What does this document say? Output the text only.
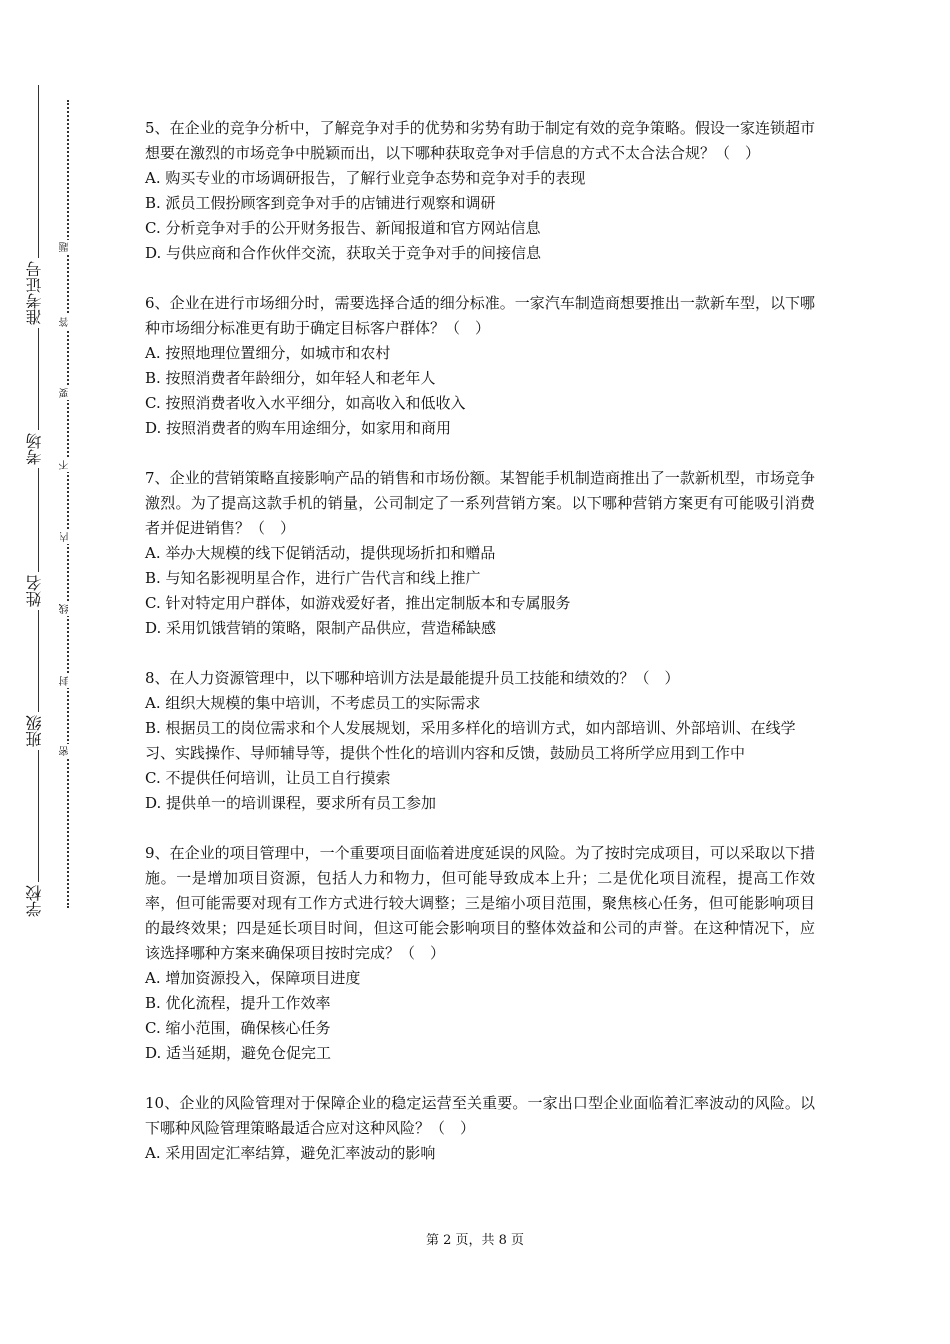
准考证号
考场
姓名
班级
学校
题
答
要
不
内
线
封
密

5、在企业的竞争分析中，了解竞争对手的优势和劣势有助于制定有效的竞争策略。假设一家连锁超市想要在激烈的市场竞争中脱颖而出，以下哪种获取竞争对手信息的方式不太合法合规？（　）

A. 购买专业的市场调研报告，了解行业竞争态势和竞争对手的表现

B. 派员工假扮顾客到竞争对手的店铺进行观察和调研

C. 分析竞争对手的公开财务报告、新闻报道和官方网站信息

D. 与供应商和合作伙伴交流，获取关于竞争对手的间接信息

6、企业在进行市场细分时，需要选择合适的细分标准。一家汽车制造商想要推出一款新车型，以下哪种市场细分标准更有助于确定目标客户群体？（　）

A. 按照地理位置细分，如城市和农村

B. 按照消费者年龄细分，如年轻人和老年人

C. 按照消费者收入水平细分，如高收入和低收入

D. 按照消费者的购车用途细分，如家用和商用

7、企业的营销策略直接影响产品的销售和市场份额。某智能手机制造商推出了一款新机型，市场竞争激烈。为了提高这款手机的销量，公司制定了一系列营销方案。以下哪种营销方案更有可能吸引消费者并促进销售？（　）

A. 举办大规模的线下促销活动，提供现场折扣和赠品

B. 与知名影视明星合作，进行广告代言和线上推广

C. 针对特定用户群体，如游戏爱好者，推出定制版本和专属服务

D. 采用饥饿营销的策略，限制产品供应，营造稀缺感

8、在人力资源管理中，以下哪种培训方法是最能提升员工技能和绩效的？（　）

A. 组织大规模的集中培训，不考虑员工的实际需求

B. 根据员工的岗位需求和个人发展规划，采用多样化的培训方式，如内部培训、外部培训、在线学习、实践操作、导师辅导等，提供个性化的培训内容和反馈，鼓励员工将所学应用到工作中

C. 不提供任何培训，让员工自行摸索

D. 提供单一的培训课程，要求所有员工参加

9、在企业的项目管理中，一个重要项目面临着进度延误的风险。为了按时完成项目，可以采取以下措施。一是增加项目资源，包括人力和物力，但可能导致成本上升；二是优化项目流程，提高工作效率，但可能需要对现有工作方式进行较大调整；三是缩小项目范围，聚焦核心任务，但可能影响项目的最终效果；四是延长项目时间，但这可能会影响项目的整体效益和公司的声誉。在这种情况下，应该选择哪种方案来确保项目按时完成？（　）

A. 增加资源投入，保障项目进度

B. 优化流程，提升工作效率

C. 缩小范围，确保核心任务

D. 适当延期，避免仓促完工

10、企业的风险管理对于保障企业的稳定运营至关重要。一家出口型企业面临着汇率波动的风险。以下哪种风险管理策略最适合应对这种风险？（　）

A. 采用固定汇率结算，避免汇率波动的影响

第 2 页，共 8 页
